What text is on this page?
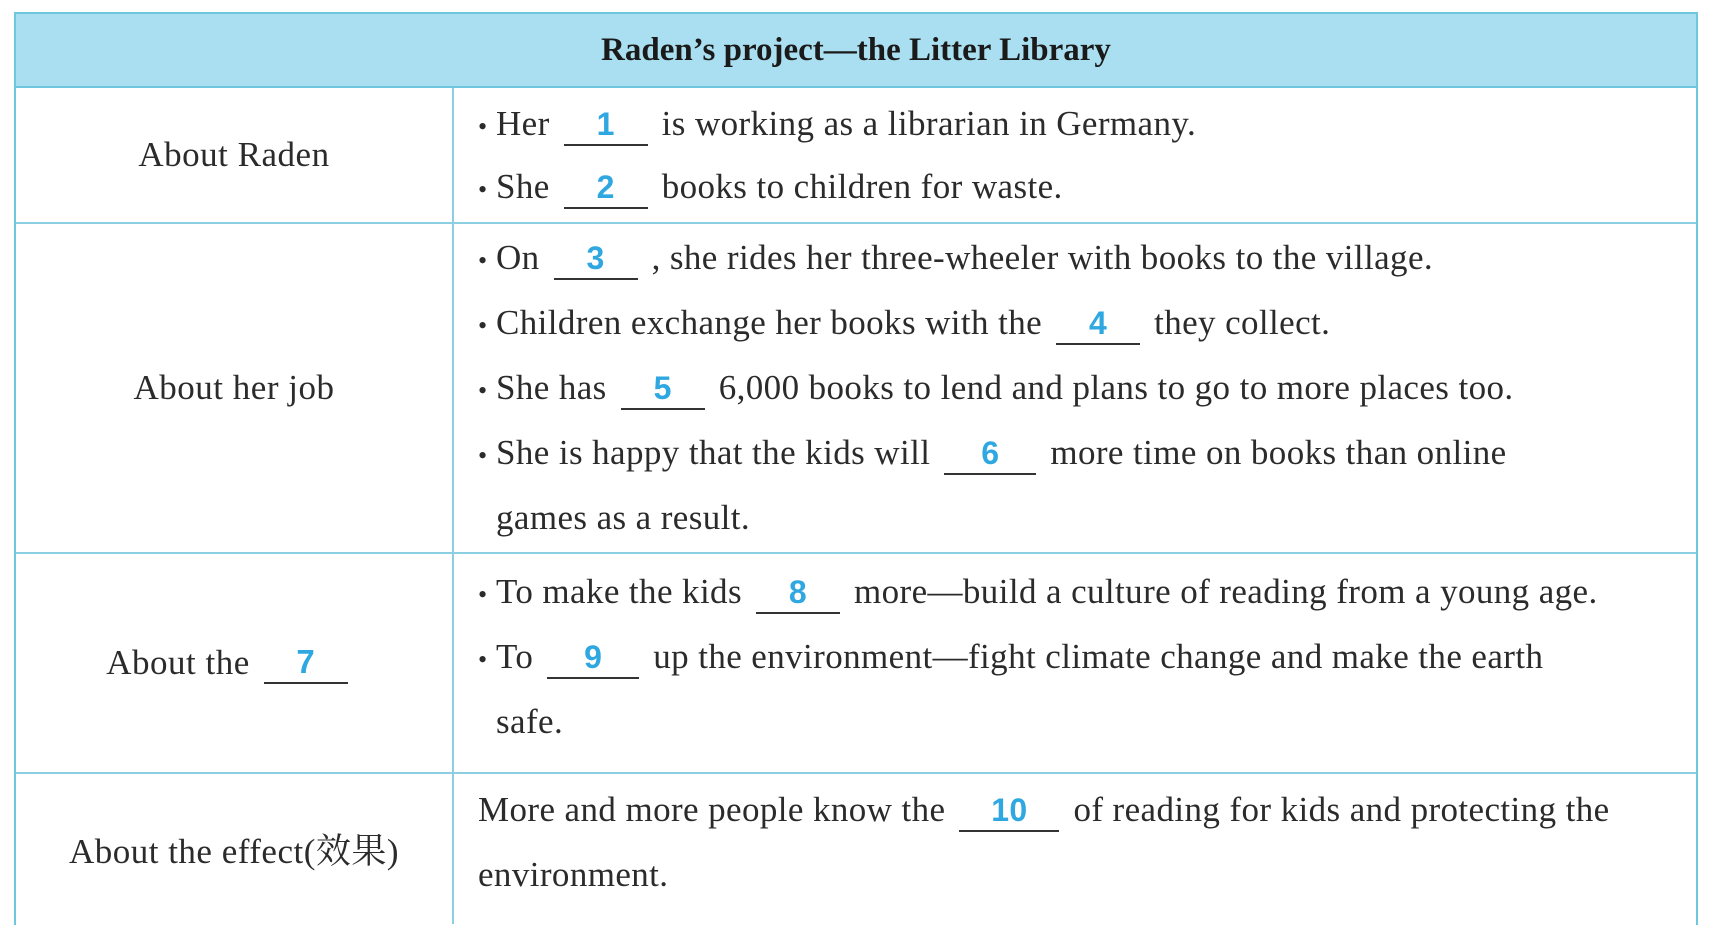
Raden’s project—the Litter Library
About Raden
• Her 1 is working as a librarian in Germany.
• She 2 books to children for waste.
About her job
• On 3 , she rides her three-wheeler with books to the village.
• Children exchange her books with the 4 they collect.
• She has 5 6,000 books to lend and plans to go to more places too.
• She is happy that the kids will 6 more time on books than online
games as a result.
About the	7
• To make the kids 8 more—build a culture of reading from a young age.
• To 9 up the environment—fight climate change and make the earth
safe.
About the effect(效果)
More and more people know the 10 of reading for kids and protecting the
environment.
